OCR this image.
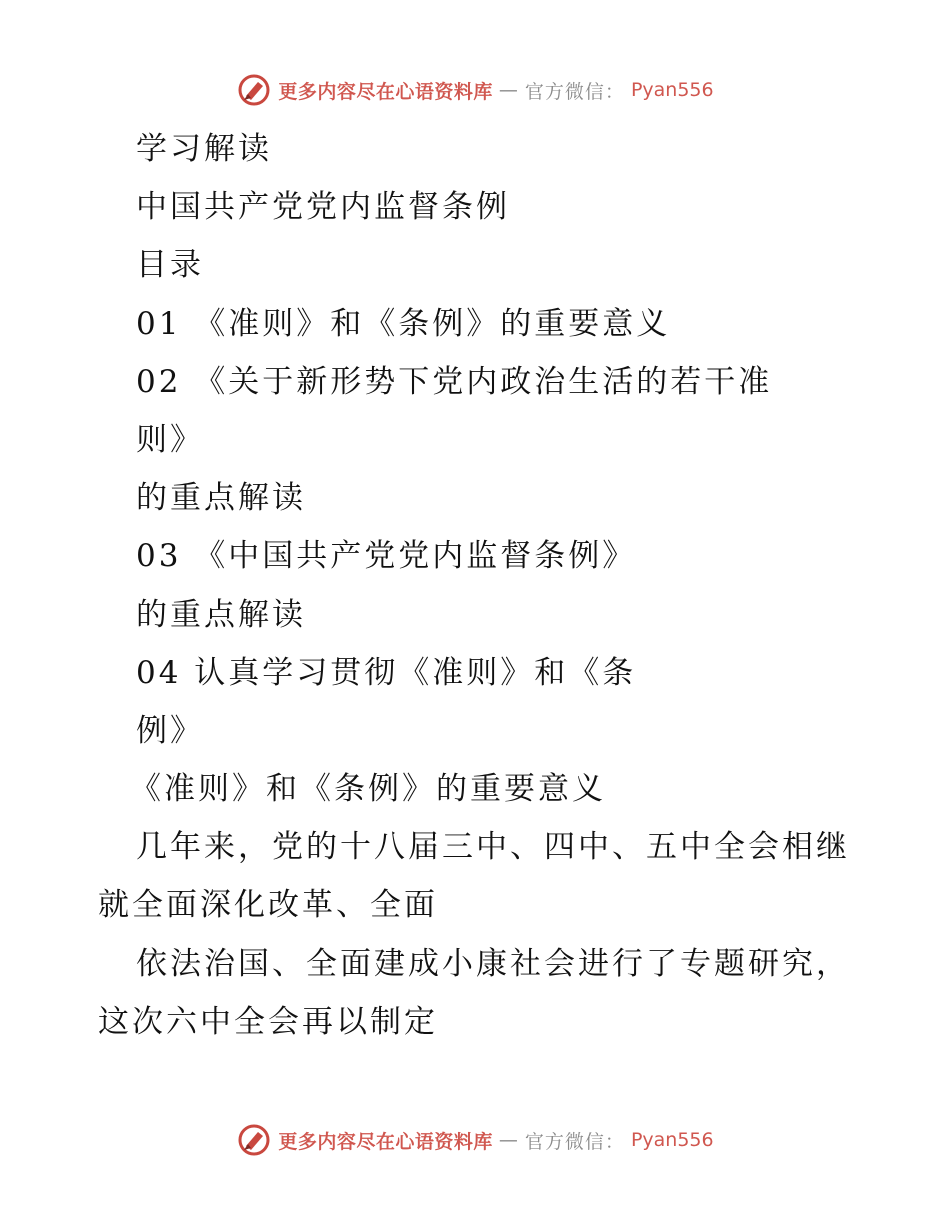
更多内容尽在心语资料库 — 官方微信： Pyan556
学习解读
中国共产党党内监督条例
目录
01 《准则》和《条例》的重要意义
02 《关于新形势下党内政治生活的若干准
则》
的重点解读
03 《中国共产党党内监督条例》
的重点解读
04 认真学习贯彻《准则》和《条
例》
《准则》和《条例》的重要意义
几年来，党的十八届三中、四中、五中全会相继
就全面深化改革、全面
依法治国、全面建成小康社会进行了专题研究，
这次六中全会再以制定
更多内容尽在心语资料库 — 官方微信： Pyan556
